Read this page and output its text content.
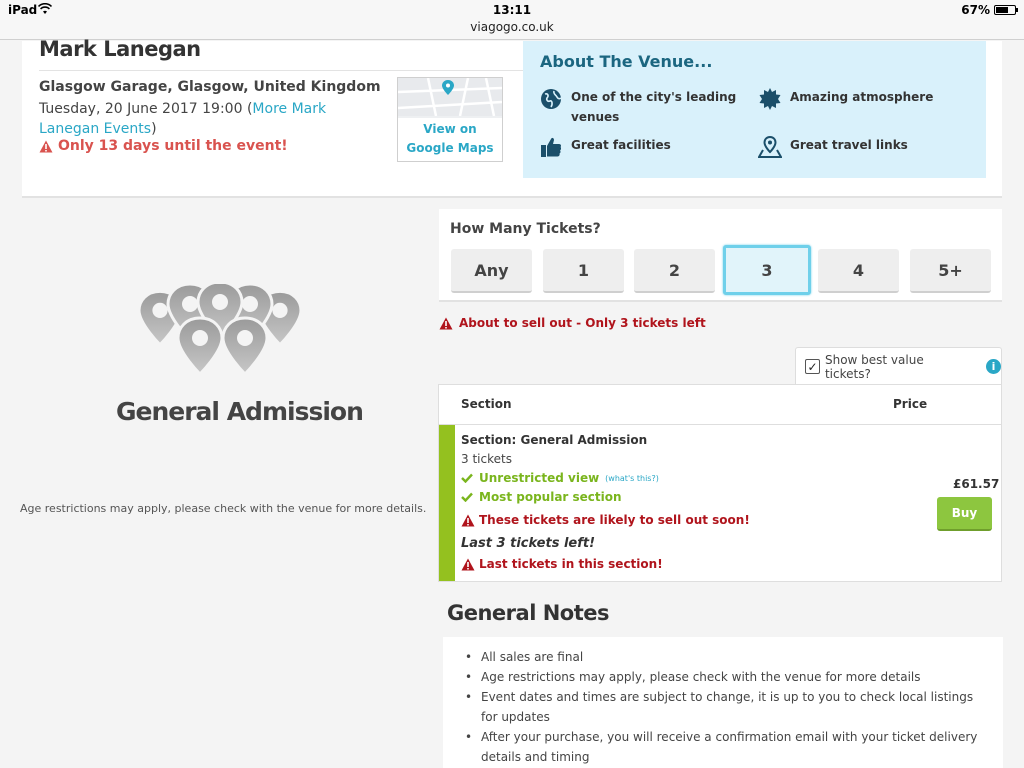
iPad	13:11
viagogo.co.uk
67%
Mark Lanegan
Glasgow Garage, Glasgow, United Kingdom
Tuesday, 20 June 2017 19:00 (More Mark Lanegan Events)
Only 13 days until the event!
View on
Google Maps
About The Venue...
One of the city's leading
venues
Amazing atmosphere
Great facilities	Great travel links
General Admission
Age restrictions may apply, please check with the venue for more details.
How Many Tickets?
Any	1	2	3	4	5+
About to sell out - Only 3 tickets left
✓ Show best value tickets?	i
Section	Price
Section: General Admission
3 tickets
Unrestricted view (what's this?)
Most popular section
These tickets are likely to sell out soon!
Last 3 tickets left!
Last tickets in this section!
£61.57
Buy
General Notes
• All sales are final
• Age restrictions may apply, please check with the venue for more details
• Event dates and times are subject to change, it is up to you to check local listings for updates
• After your purchase, you will receive a confirmation email with your ticket delivery details and timing
